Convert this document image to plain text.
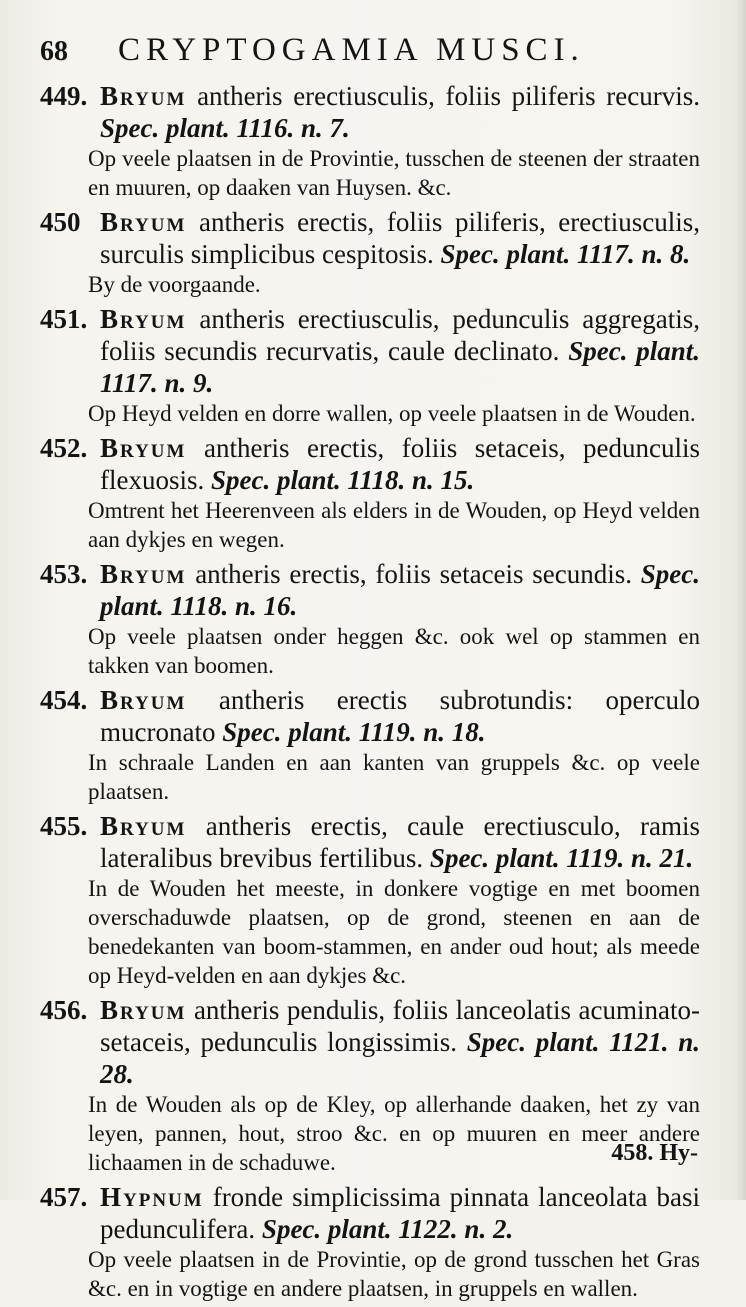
68 CRYPTOGAMIA MUSCI.
449. Bryum antheris erectiusculis, foliis piliferis recurvis. Spec. plant. 1116. n. 7.
Op veele plaatsen in de Provintie, tusschen de steenen der straaten en muuren, op daaken van Huysen. &c.
450 Bryum antheris erectis, foliis piliferis, erectiusculis, surculis simplicibus cespitosis. Spec. plant. 1117. n. 8.
By de voorgaande.
451. Bryum antheris erectiusculis, pedunculis aggregatis, foliis secundis recurvatis, caule declinato. Spec. plant. 1117. n. 9.
Op Heyd velden en dorre wallen, op veele plaatsen in de Wouden.
452. Bryum antheris erectis, foliis setaceis, pedunculis flexuosis. Spec. plant. 1118. n. 15.
Omtrent het Heerenveen als elders in de Wouden, op Heyd velden aan dykjes en wegen.
453. Bryum antheris erectis, foliis setaceis secundis. Spec. plant. 1118. n. 16.
Op veele plaatsen onder heggen &c. ook wel op stammen en takken van boomen.
454. Bryum antheris erectis subrotundis: operculo mucronato Spec. plant. 1119. n. 18.
In schraale Landen en aan kanten van gruppels &c. op veele plaatsen.
455. Bryum antheris erectis, caule erectiusculo, ramis lateralibus brevibus fertilibus. Spec. plant. 1119. n. 21.
In de Wouden het meeste, in donkere vogtige en met boomen overschaduwde plaatsen, op de grond, steenen en aan de benedekanten van boom-stammen, en ander oud hout; als meede op Heyd-velden en aan dykjes &c.
456. Bryum antheris pendulis, foliis lanceolatis acuminato-setaceis, pedunculis longissimis. Spec. plant. 1121. n. 28.
In de Wouden als op de Kley, op allerhande daaken, het zy van leyen, pannen, hout, stroo &c. en op muuren en meer andere lichaamen in de schaduwe.
457. Hypnum fronde simplicissima pinnata lanceolata basi pedunculifera. Spec. plant. 1122. n. 2.
Op veele plaatsen in de Provintie, op de grond tusschen het Gras &c. en in vogtige en andere plaatsen, in gruppels en wallen.
458. Hy-
